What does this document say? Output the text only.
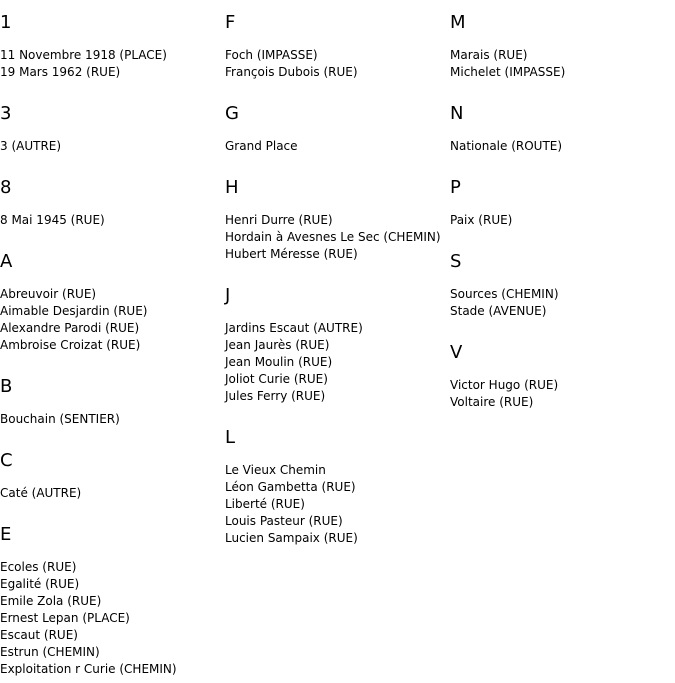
1
11 Novembre 1918 (PLACE)
19 Mars 1962 (RUE)
3
3 (AUTRE)
8
8 Mai 1945 (RUE)
A
Abreuvoir (RUE)
Aimable Desjardin (RUE)
Alexandre Parodi (RUE)
Ambroise Croizat (RUE)
B
Bouchain (SENTIER)
C
Caté (AUTRE)
E
Ecoles (RUE)
Egalité (RUE)
Emile Zola (RUE)
Ernest Lepan (PLACE)
Escaut (RUE)
Estrun (CHEMIN)
Exploitation r Curie (CHEMIN)
F
Foch (IMPASSE)
François Dubois (RUE)
G
Grand Place
H
Henri Durre (RUE)
Hordain à Avesnes Le Sec (CHEMIN)
Hubert Méresse (RUE)
J
Jardins Escaut (AUTRE)
Jean Jaurès (RUE)
Jean Moulin (RUE)
Joliot Curie (RUE)
Jules Ferry (RUE)
L
Le Vieux Chemin
Léon Gambetta (RUE)
Liberté (RUE)
Louis Pasteur (RUE)
Lucien Sampaix (RUE)
M
Marais (RUE)
Michelet (IMPASSE)
N
Nationale (ROUTE)
P
Paix (RUE)
S
Sources (CHEMIN)
Stade (AVENUE)
V
Victor Hugo (RUE)
Voltaire (RUE)
